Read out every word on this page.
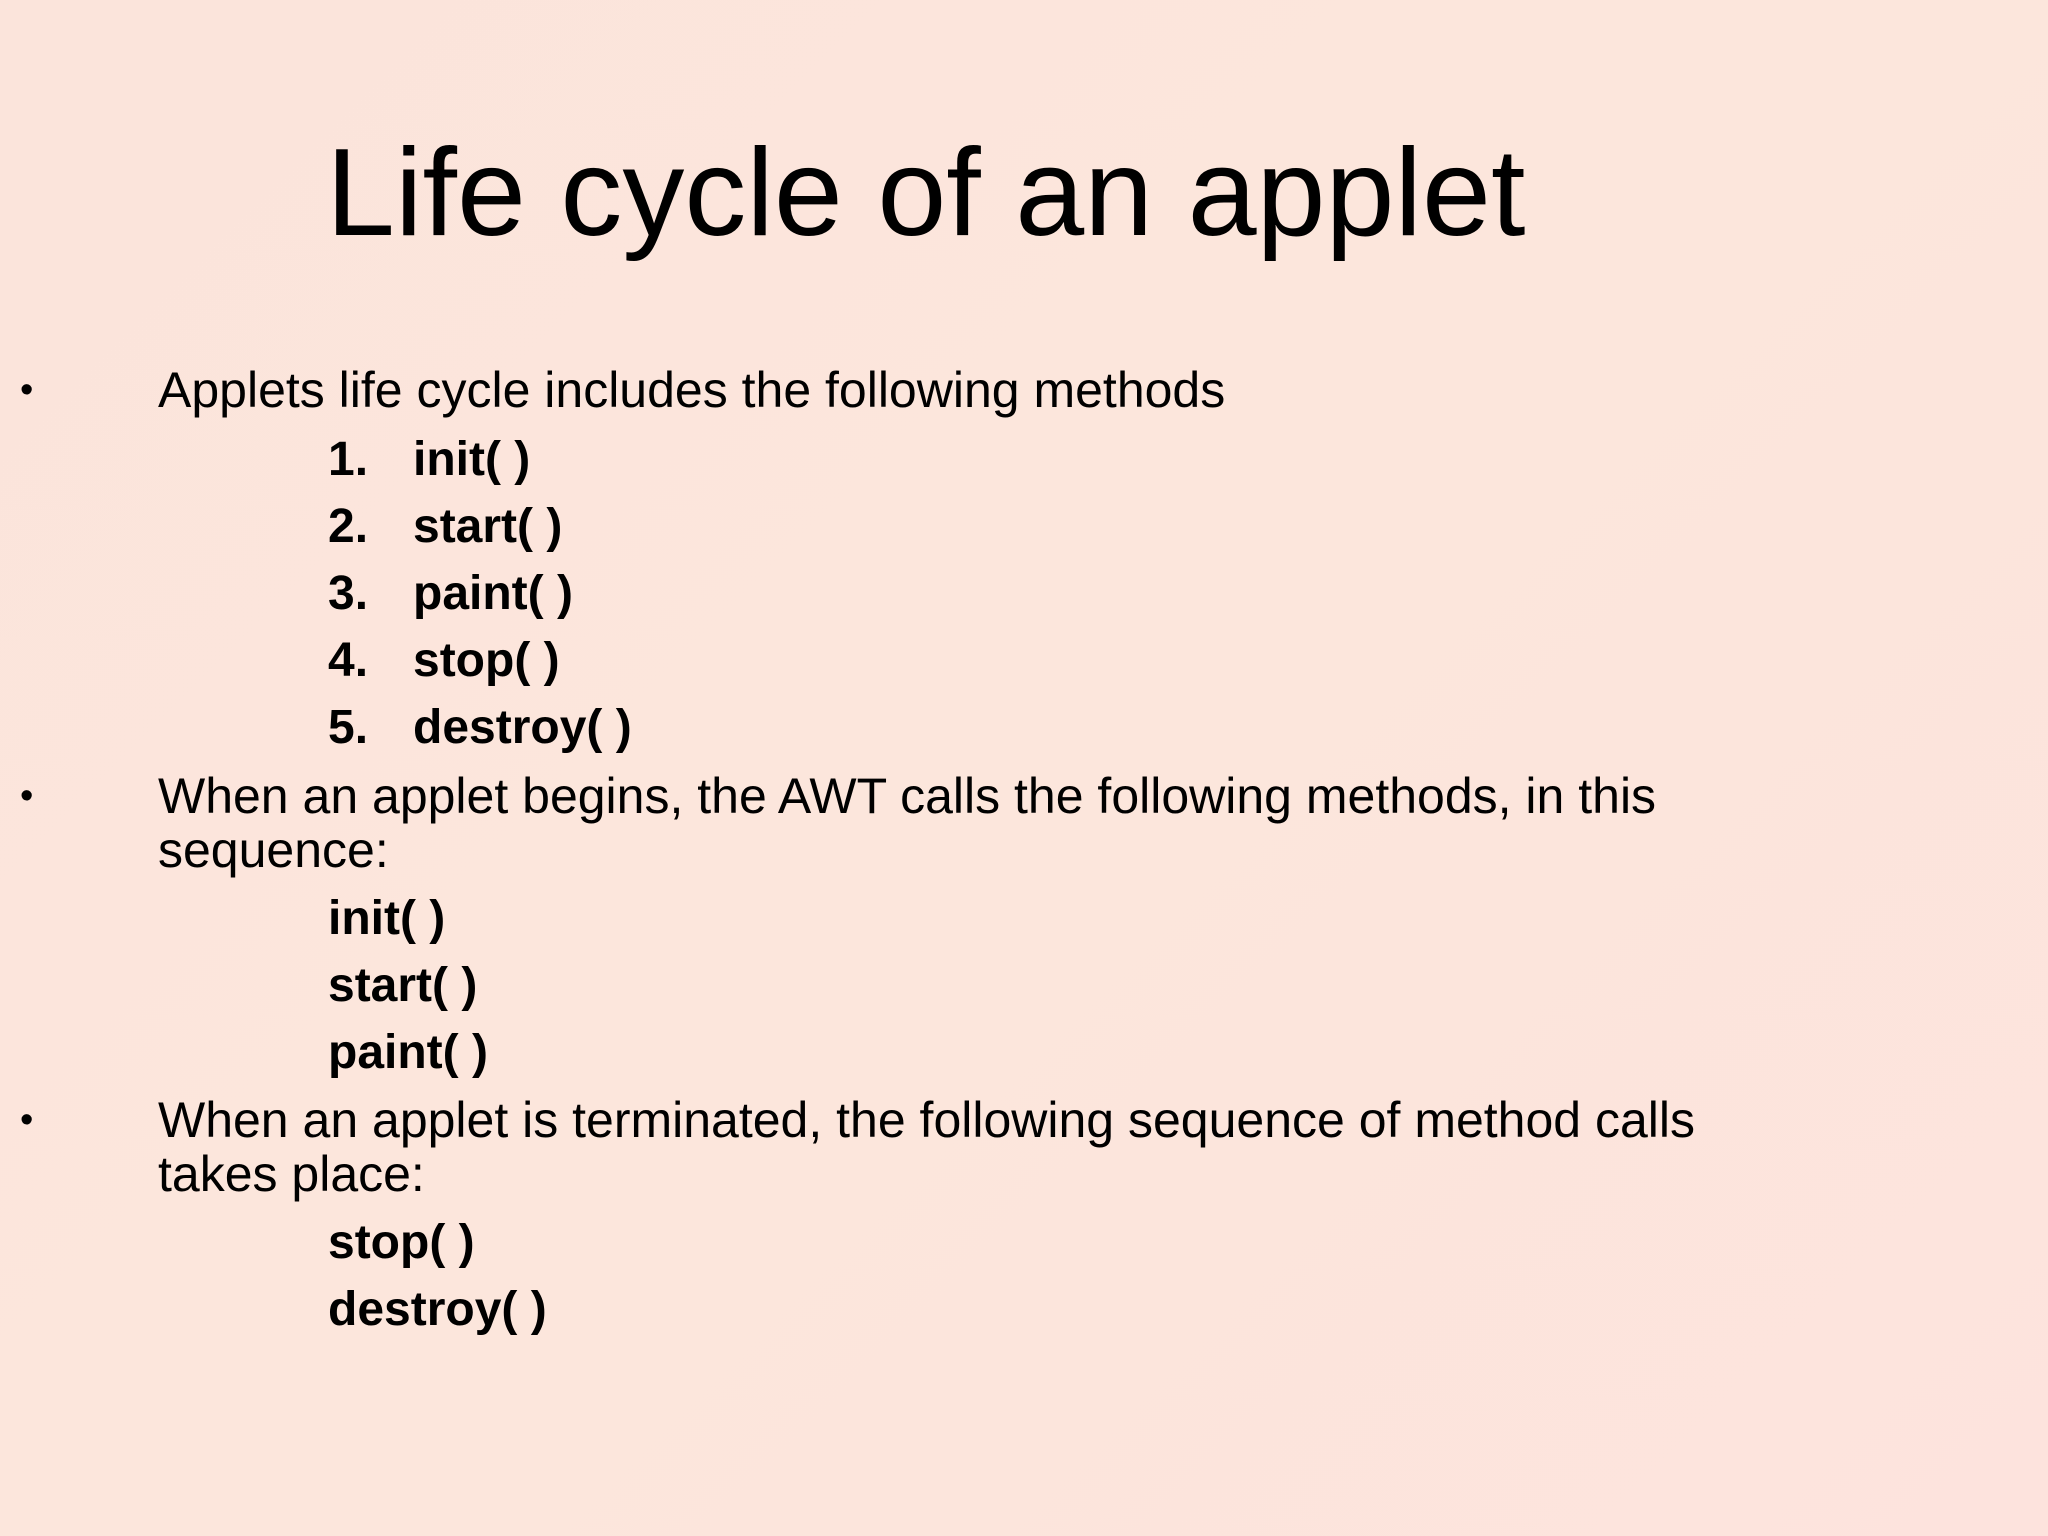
Life cycle of an applet
• Applets life cycle includes the following methods
1. init( )
2. start( )
3. paint( )
4. stop( )
5. destroy( )
• When an applet begins, the AWT calls the following methods, in this
sequence:
init( )
start( )
paint( )
• When an applet is terminated, the following sequence of method calls
takes place:
stop( )
destroy( )
